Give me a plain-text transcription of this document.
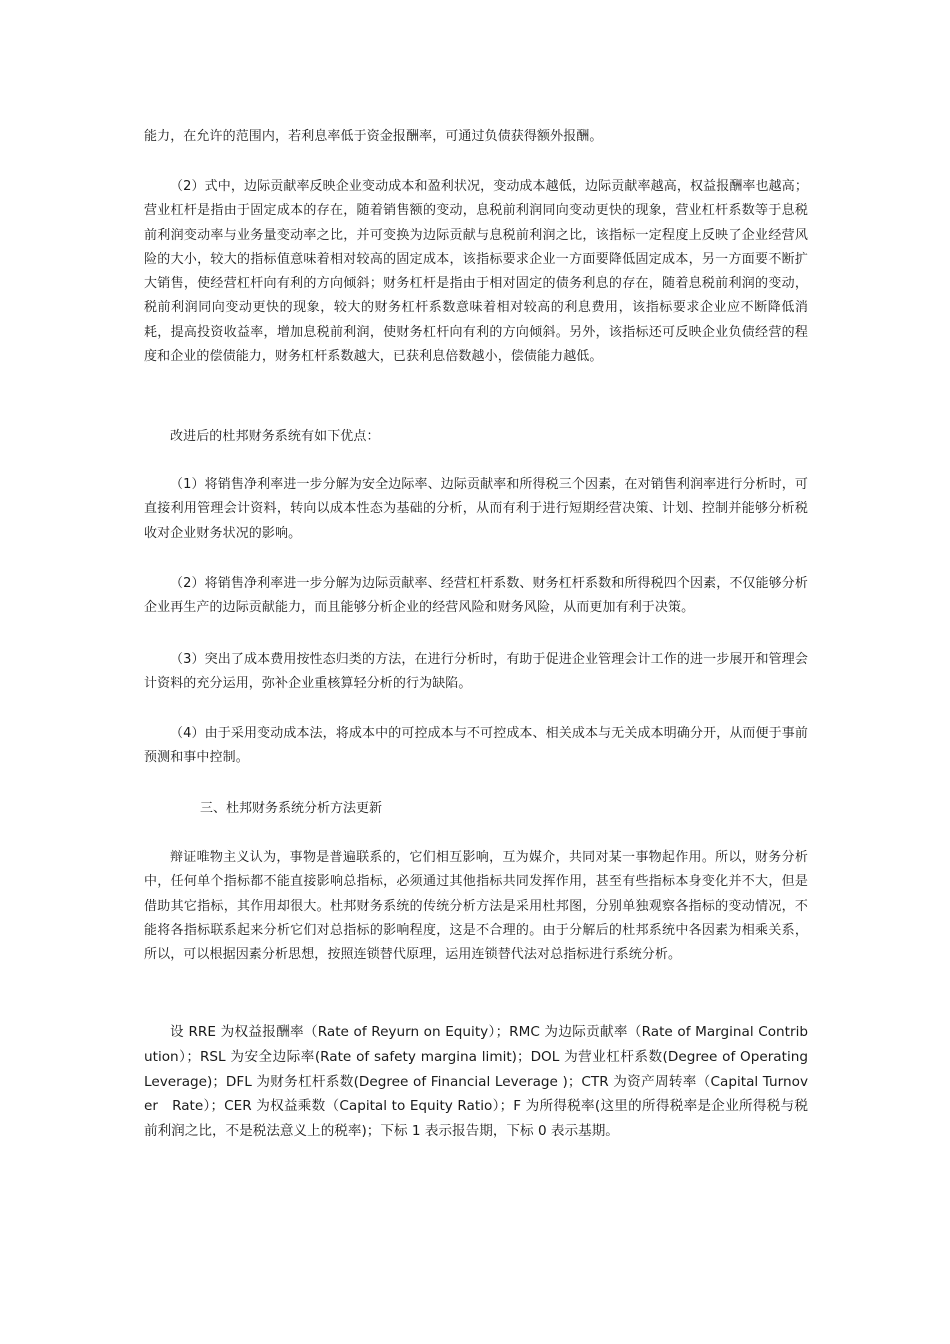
能力，在允许的范围内，若利息率低于资金报酬率，可通过负债获得额外报酬。

（2）式中，边际贡献率反映企业变动成本和盈利状况，变动成本越低，边际贡献率越高，权益报酬率也越高；营业杠杆是指由于固定成本的存在，随着销售额的变动，息税前利润同向变动更快的现象，营业杠杆系数等于息税前利润变动率与业务量变动率之比，并可变换为边际贡献与息税前利润之比，该指标一定程度上反映了企业经营风险的大小，较大的指标值意味着相对较高的固定成本，该指标要求企业一方面要降低固定成本，另一方面要不断扩大销售，使经营杠杆向有利的方向倾斜；财务杠杆是指由于相对固定的债务利息的存在，随着息税前利润的变动，税前利润同向变动更快的现象，较大的财务杠杆系数意味着相对较高的利息费用，该指标要求企业应不断降低消耗，提高投资收益率，增加息税前利润，使财务杠杆向有利的方向倾斜。另外，该指标还可反映企业负债经营的程度和企业的偿债能力，财务杠杆系数越大，已获利息倍数越小，偿债能力越低。

改进后的杜邦财务系统有如下优点：

（1）将销售净利率进一步分解为安全边际率、边际贡献率和所得税三个因素，在对销售利润率进行分析时，可直接利用管理会计资料，转向以成本性态为基础的分析，从而有利于进行短期经营决策、计划、控制并能够分析税收对企业财务状况的影响。

（2）将销售净利率进一步分解为边际贡献率、经营杠杆系数、财务杠杆系数和所得税四个因素，不仅能够分析企业再生产的边际贡献能力，而且能够分析企业的经营风险和财务风险，从而更加有利于决策。

（3）突出了成本费用按性态归类的方法，在进行分析时，有助于促进企业管理会计工作的进一步展开和管理会计资料的充分运用，弥补企业重核算轻分析的行为缺陷。

（4）由于采用变动成本法，将成本中的可控成本与不可控成本、相关成本与无关成本明确分开，从而便于事前预测和事中控制。

三、杜邦财务系统分析方法更新

辩证唯物主义认为，事物是普遍联系的，它们相互影响，互为媒介，共同对某一事物起作用。所以，财务分析中，任何单个指标都不能直接影响总指标，必须通过其他指标共同发挥作用，甚至有些指标本身变化并不大，但是借助其它指标，其作用却很大。杜邦财务系统的传统分析方法是采用杜邦图，分别单独观察各指标的变动情况，不能将各指标联系起来分析它们对总指标的影响程度，这是不合理的。由于分解后的杜邦系统中各因素为相乘关系，所以，可以根据因素分析思想，按照连锁替代原理，运用连锁替代法对总指标进行系统分析。

设 RRE 为权益报酬率（Rate of Reyurn on Equity）；RMC 为边际贡献率（Rate of Marginal Contribution）；RSL 为安全边际率(Rate of safety margina limit)；DOL 为营业杠杆系数(Degree of Operating Leverage)；DFL 为财务杠杆系数(Degree of Financial Leverage )；CTR 为资产周转率（Capital Turnover　Rate）；CER 为权益乘数（Capital to Equity Ratio）；F 为所得税率(这里的所得税率是企业所得税与税前利润之比，不是税法意义上的税率)；下标 1 表示报告期，下标 0 表示基期。
